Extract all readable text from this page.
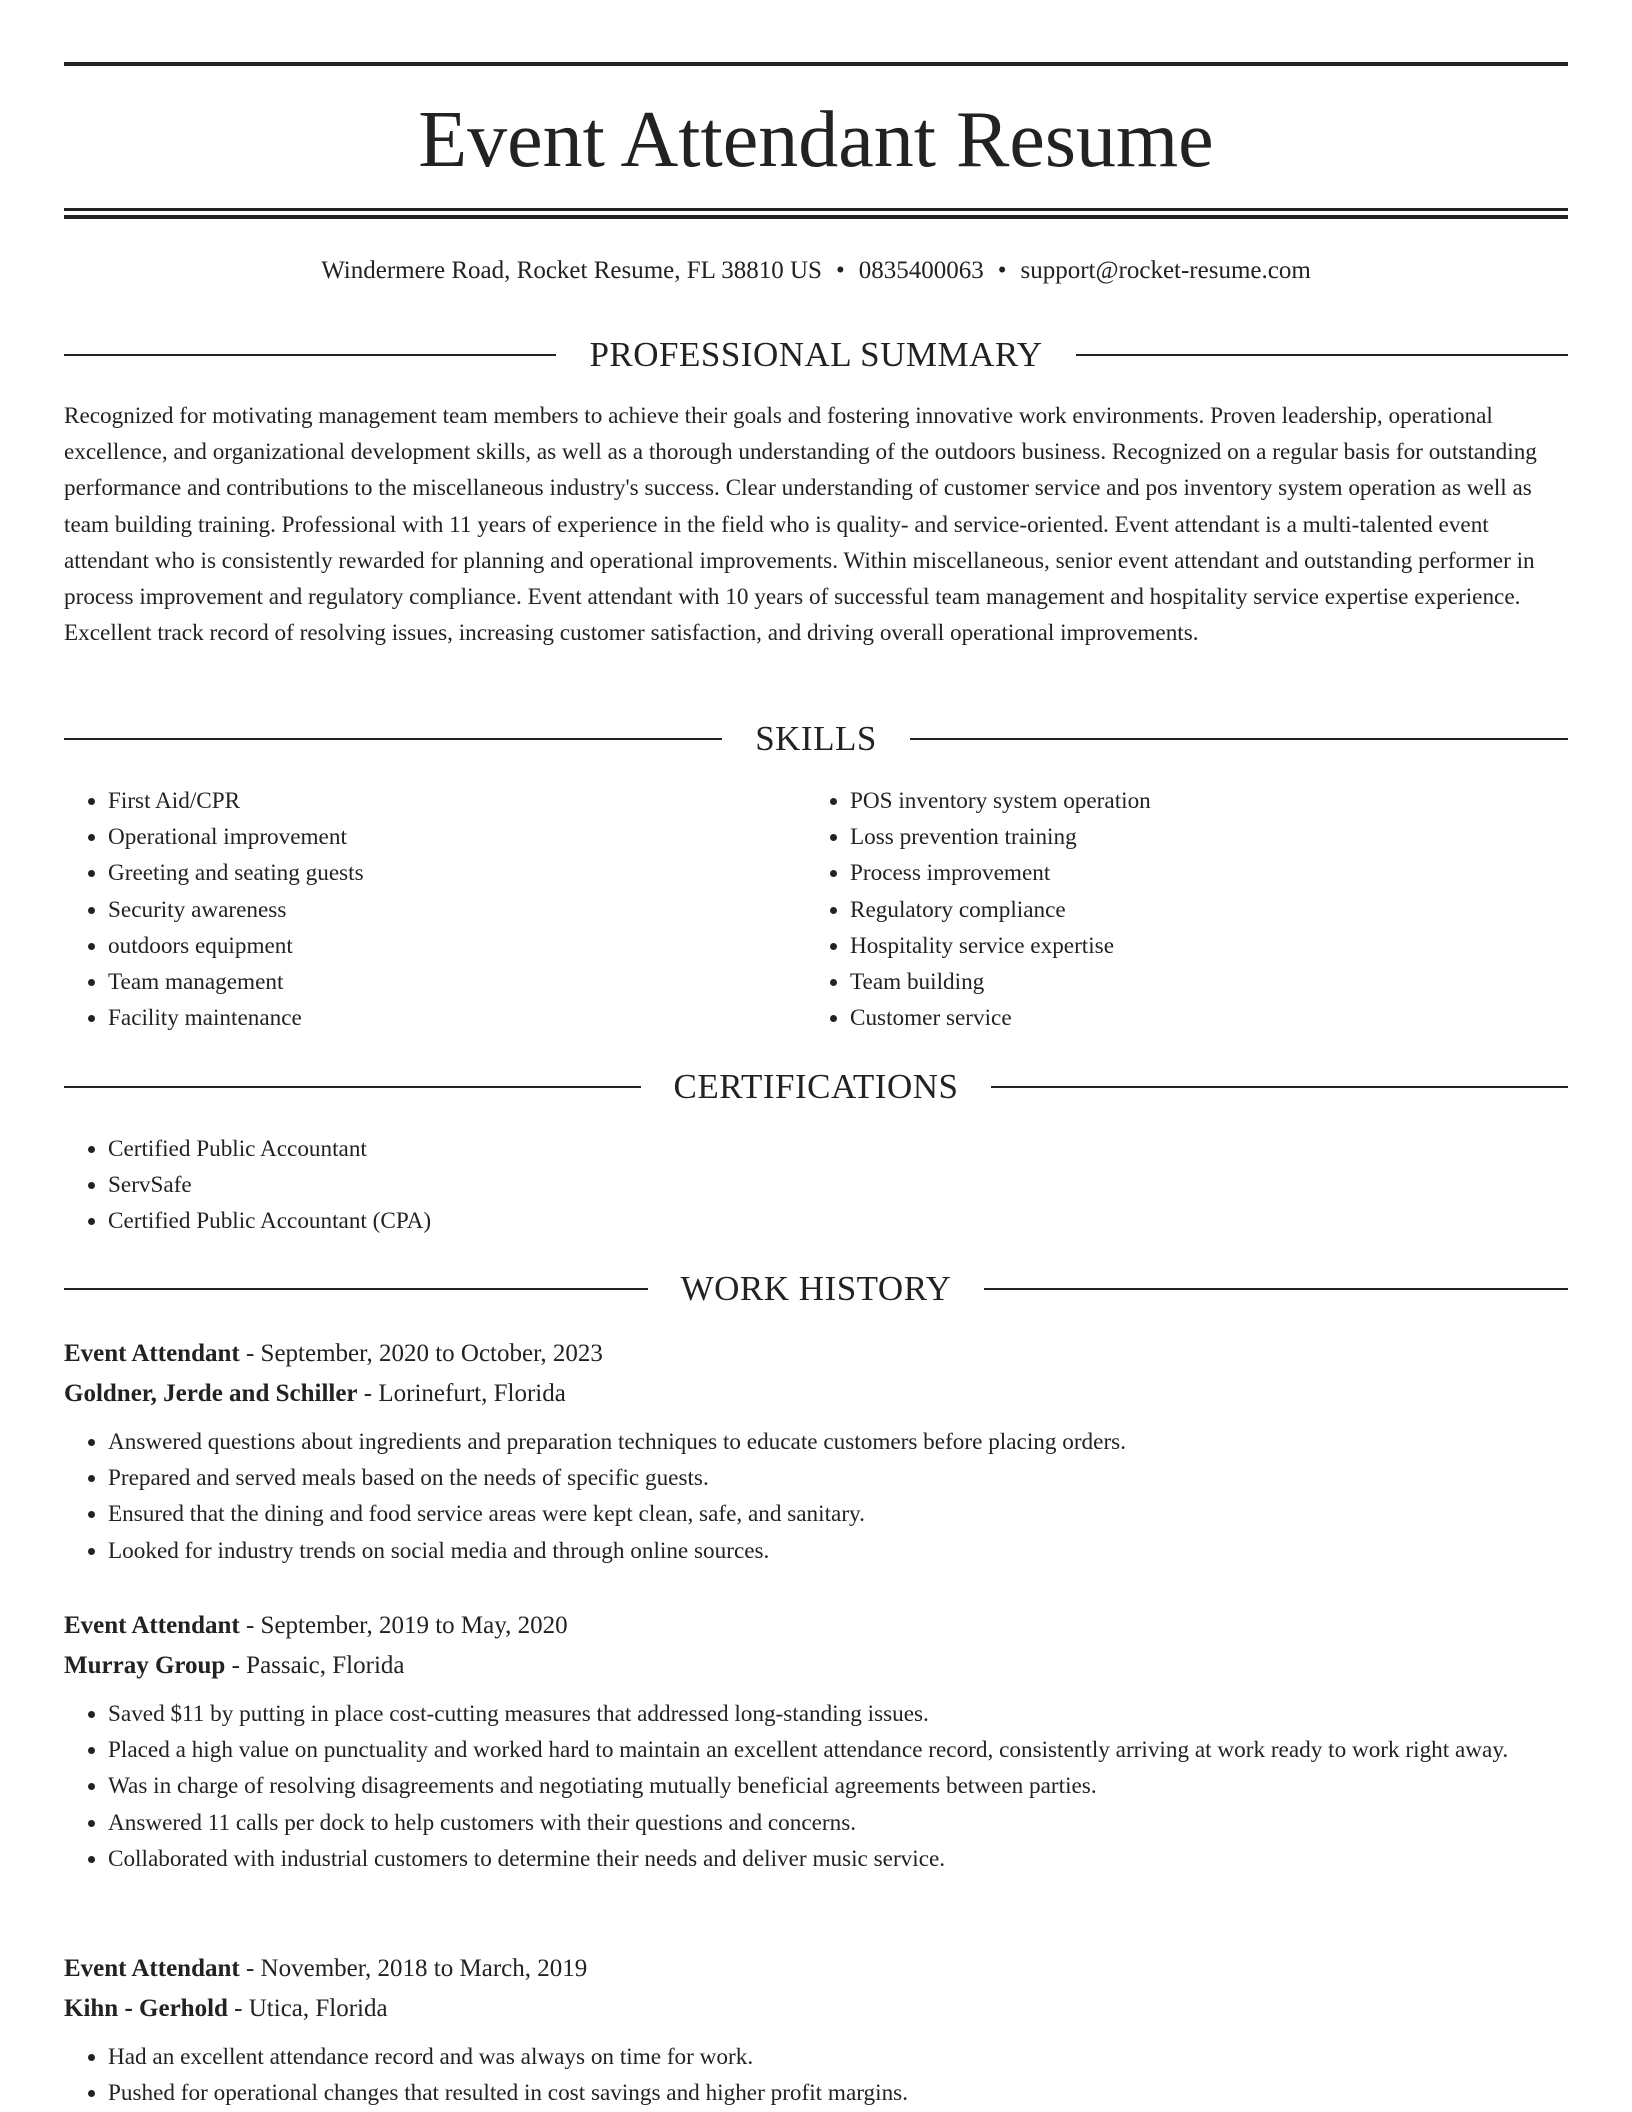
Event Attendant Resume
Windermere Road, Rocket Resume, FL 38810 US • 0835400063 • support@rocket-resume.com
PROFESSIONAL SUMMARY

Recognized for motivating management team members to achieve their goals and fostering innovative work environments. Proven leadership, operational excellence, and organizational development skills, as well as a thorough understanding of the outdoors business. Recognized on a regular basis for outstanding performance and contributions to the miscellaneous industry's success. Clear understanding of customer service and pos inventory system operation as well as team building training. Professional with 11 years of experience in the field who is quality- and service-oriented. Event attendant is a multi-talented event attendant who is consistently rewarded for planning and operational improvements. Within miscellaneous, senior event attendant and outstanding performer in process improvement and regulatory compliance. Event attendant with 10 years of successful team management and hospitality service expertise experience. Excellent track record of resolving issues, increasing customer satisfaction, and driving overall operational improvements.

SKILLS
• First Aid/CPR
• Operational improvement
• Greeting and seating guests
• Security awareness
• outdoors equipment
• Team management
• Facility maintenance
• POS inventory system operation
• Loss prevention training
• Process improvement
• Regulatory compliance
• Hospitality service expertise
• Team building
• Customer service
CERTIFICATIONS
• Certified Public Accountant
• ServSafe
• Certified Public Accountant (CPA)
WORK HISTORY
Event Attendant - September, 2020 to October, 2023
Goldner, Jerde and Schiller - Lorinefurt, Florida
• Answered questions about ingredients and preparation techniques to educate customers before placing orders.
• Prepared and served meals based on the needs of specific guests.
• Ensured that the dining and food service areas were kept clean, safe, and sanitary.
• Looked for industry trends on social media and through online sources.
Event Attendant - September, 2019 to May, 2020
Murray Group - Passaic, Florida
• Saved $11 by putting in place cost-cutting measures that addressed long-standing issues.
• Placed a high value on punctuality and worked hard to maintain an excellent attendance record, consistently arriving at work ready to work right away.
• Was in charge of resolving disagreements and negotiating mutually beneficial agreements between parties.
• Answered 11 calls per dock to help customers with their questions and concerns.
• Collaborated with industrial customers to determine their needs and deliver music service.
Event Attendant - November, 2018 to March, 2019
Kihn - Gerhold - Utica, Florida
• Had an excellent attendance record and was always on time for work.
• Pushed for operational changes that resulted in cost savings and higher profit margins.
